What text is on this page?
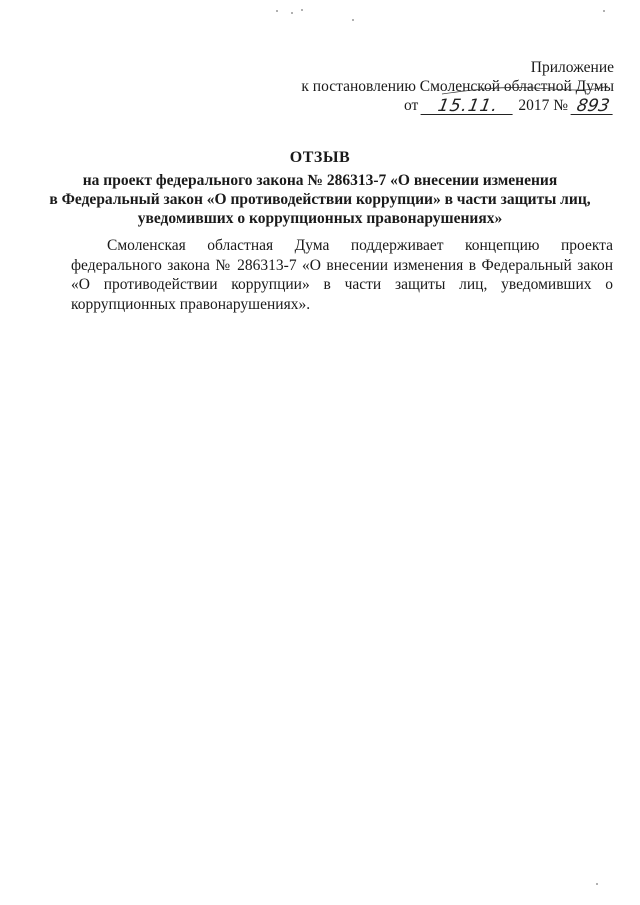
Приложение
к постановлению Смоленской областной Думы
от	15.11.	2017 № 893
ОТЗЫВ
на проект федерального закона № 286313-7 «О внесении изменения
в Федеральный закон «О противодействии коррупции» в части защиты лиц,
уведомивших о коррупционных правонарушениях»
Смоленская областная Дума поддерживает концепцию проекта федерального закона № 286313-7 «О внесении изменения в Федеральный закон «О противодействии коррупции» в части защиты лиц, уведомивших о коррупционных правонарушениях».
